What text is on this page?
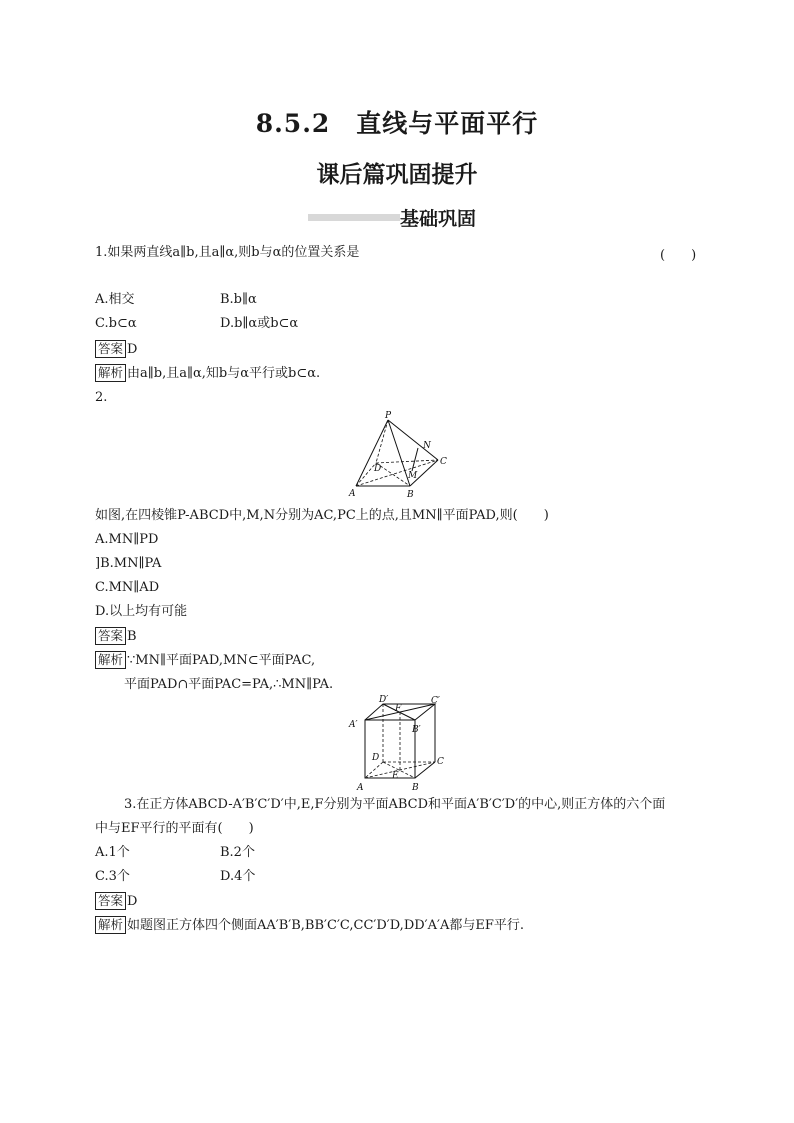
8.5.2　直线与平面平行
课后篇巩固提升
基础巩固
1.如果两直线a∥b,且a∥α,则b与α的位置关系是	(　　)
A.相交	B.b∥α
C.b⊂α	D.b∥α或b⊂α
答案 D
解析 由a∥b,且a∥α,知b与α平行或b⊂α.
2.
P
N
C
D
M
A	B
如图,在四棱锥P-ABCD中,M,N分别为AC,PC上的点,且MN∥平面PAD,则(　　)
A.MN∥PD
]B.MN∥PA
C.MN∥AD
D.以上均有可能
答案 B
解析 ∵MN∥平面PAD,MN⊂平面PAC,
平面PAD∩平面PAC=PA,∴MN∥PA.
D′
F
C′
A′	B′
D	C
E
A	B
3.在正方体ABCD-A′B′C′D′中,E,F分别为平面ABCD和平面A′B′C′D′的中心,则正方体的六个面
中与EF平行的平面有(　　)
A.1个	B.2个
C.3个	D.4个
答案 D
解析 如题图正方体四个侧面AA′B′B,BB′C′C,CC′D′D,DD′A′A都与EF平行.
